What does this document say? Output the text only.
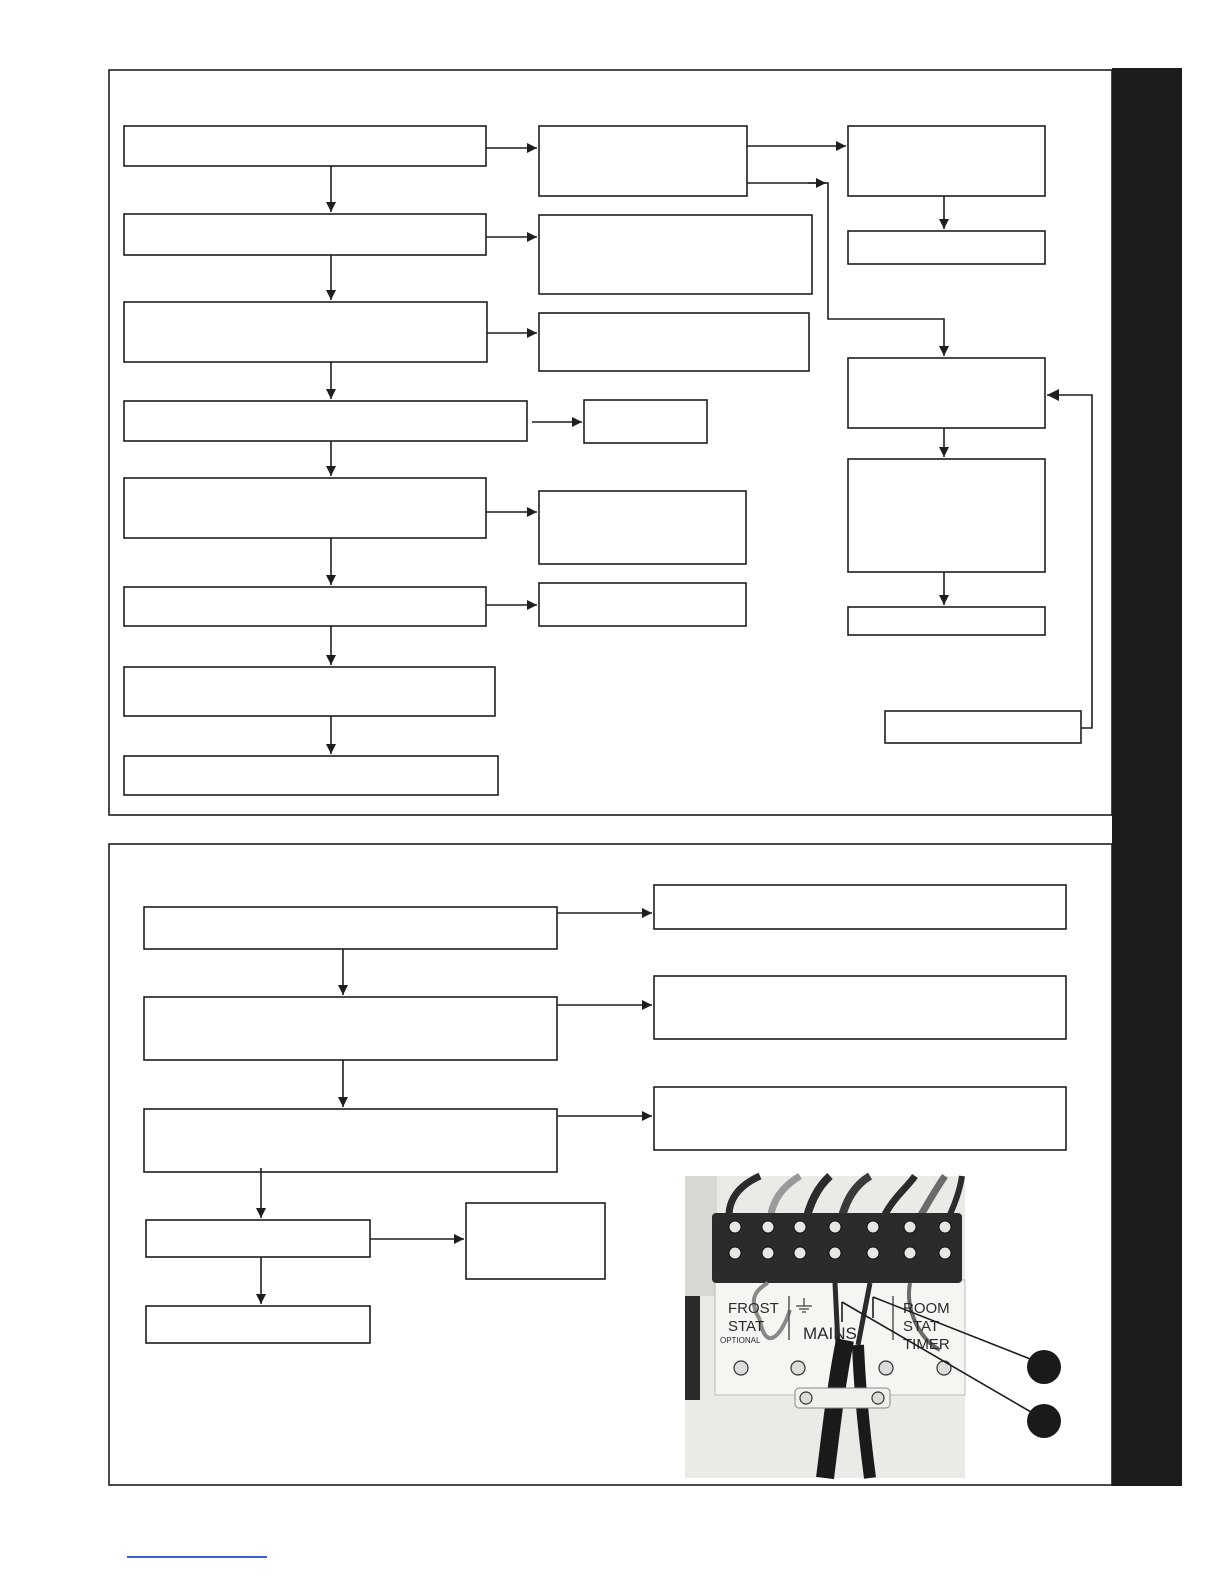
FROST
STAT
OPTIONAL	MAINS
ROOM
STAT
TIMER
